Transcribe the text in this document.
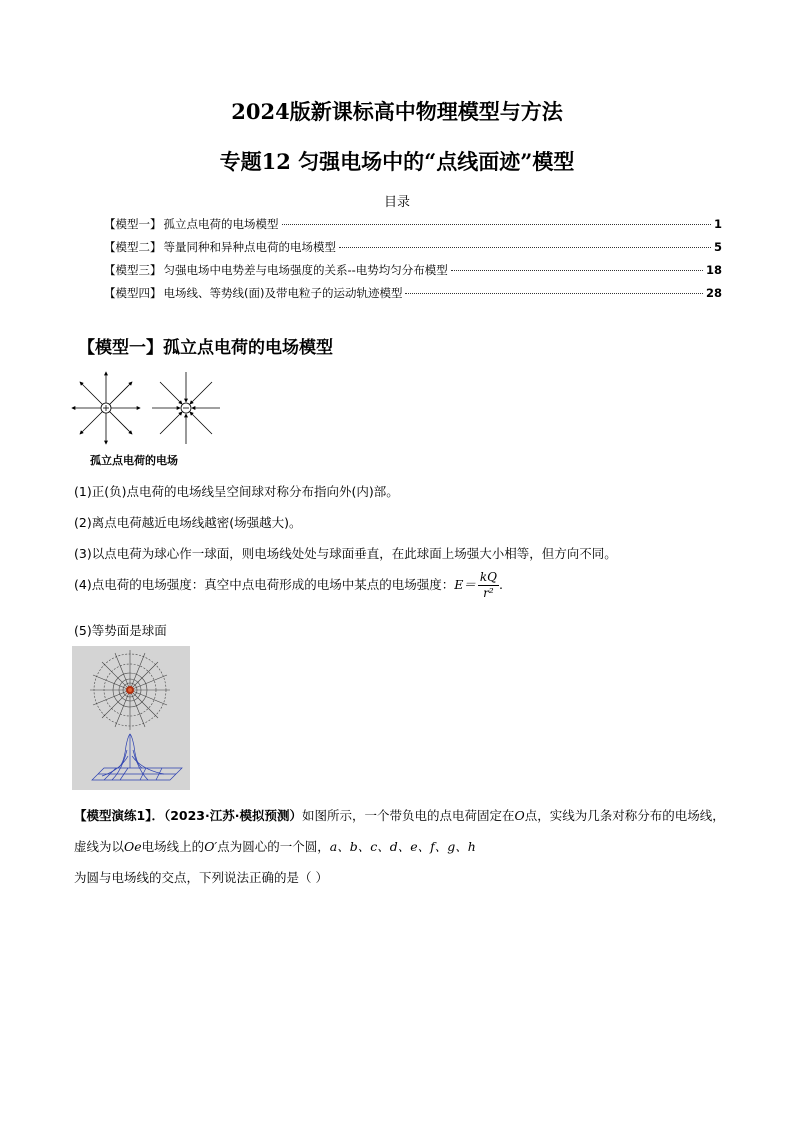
2024版新课标高中物理模型与方法
专题12 匀强电场中的“点线面迹”模型
目录
【模型一】 孤立点电荷的电场模型	1
【模型二】 等量同种和异种点电荷的电场模型	5
【模型三】 匀强电场中电势差与电场强度的关系--电势均匀分布模型	18
【模型四】 电场线、等势线(面)及带电粒子的运动轨迹模型	28
【模型一】孤立点电荷的电场模型
孤立点电荷的电场
(1)正(负)点电荷的电场线呈空间球对称分布指向外(内)部。
(2)离点电荷越近电场线越密(场强越大)。
(3)以点电荷为球心作一球面，则电场线处处与球面垂直，在此球面上场强大小相等，但方向不同。
(4)点电荷的电场强度：真空中点电荷形成的电场中某点的电场强度：$E= \frac{kQ}{\text{r²}}$ .
(5)等势面是球面
【模型演练1】．（2023·江苏·模拟预测）如图所示，一个带负电的点电荷固定在O点，实线为几条对称分布的电场线，虚线为以Oe电场线上的O′点为圆心的一个圆，a、b、c、d、e、f、g、h为圆与电场线的交点，下列说法正确的是（ ）
